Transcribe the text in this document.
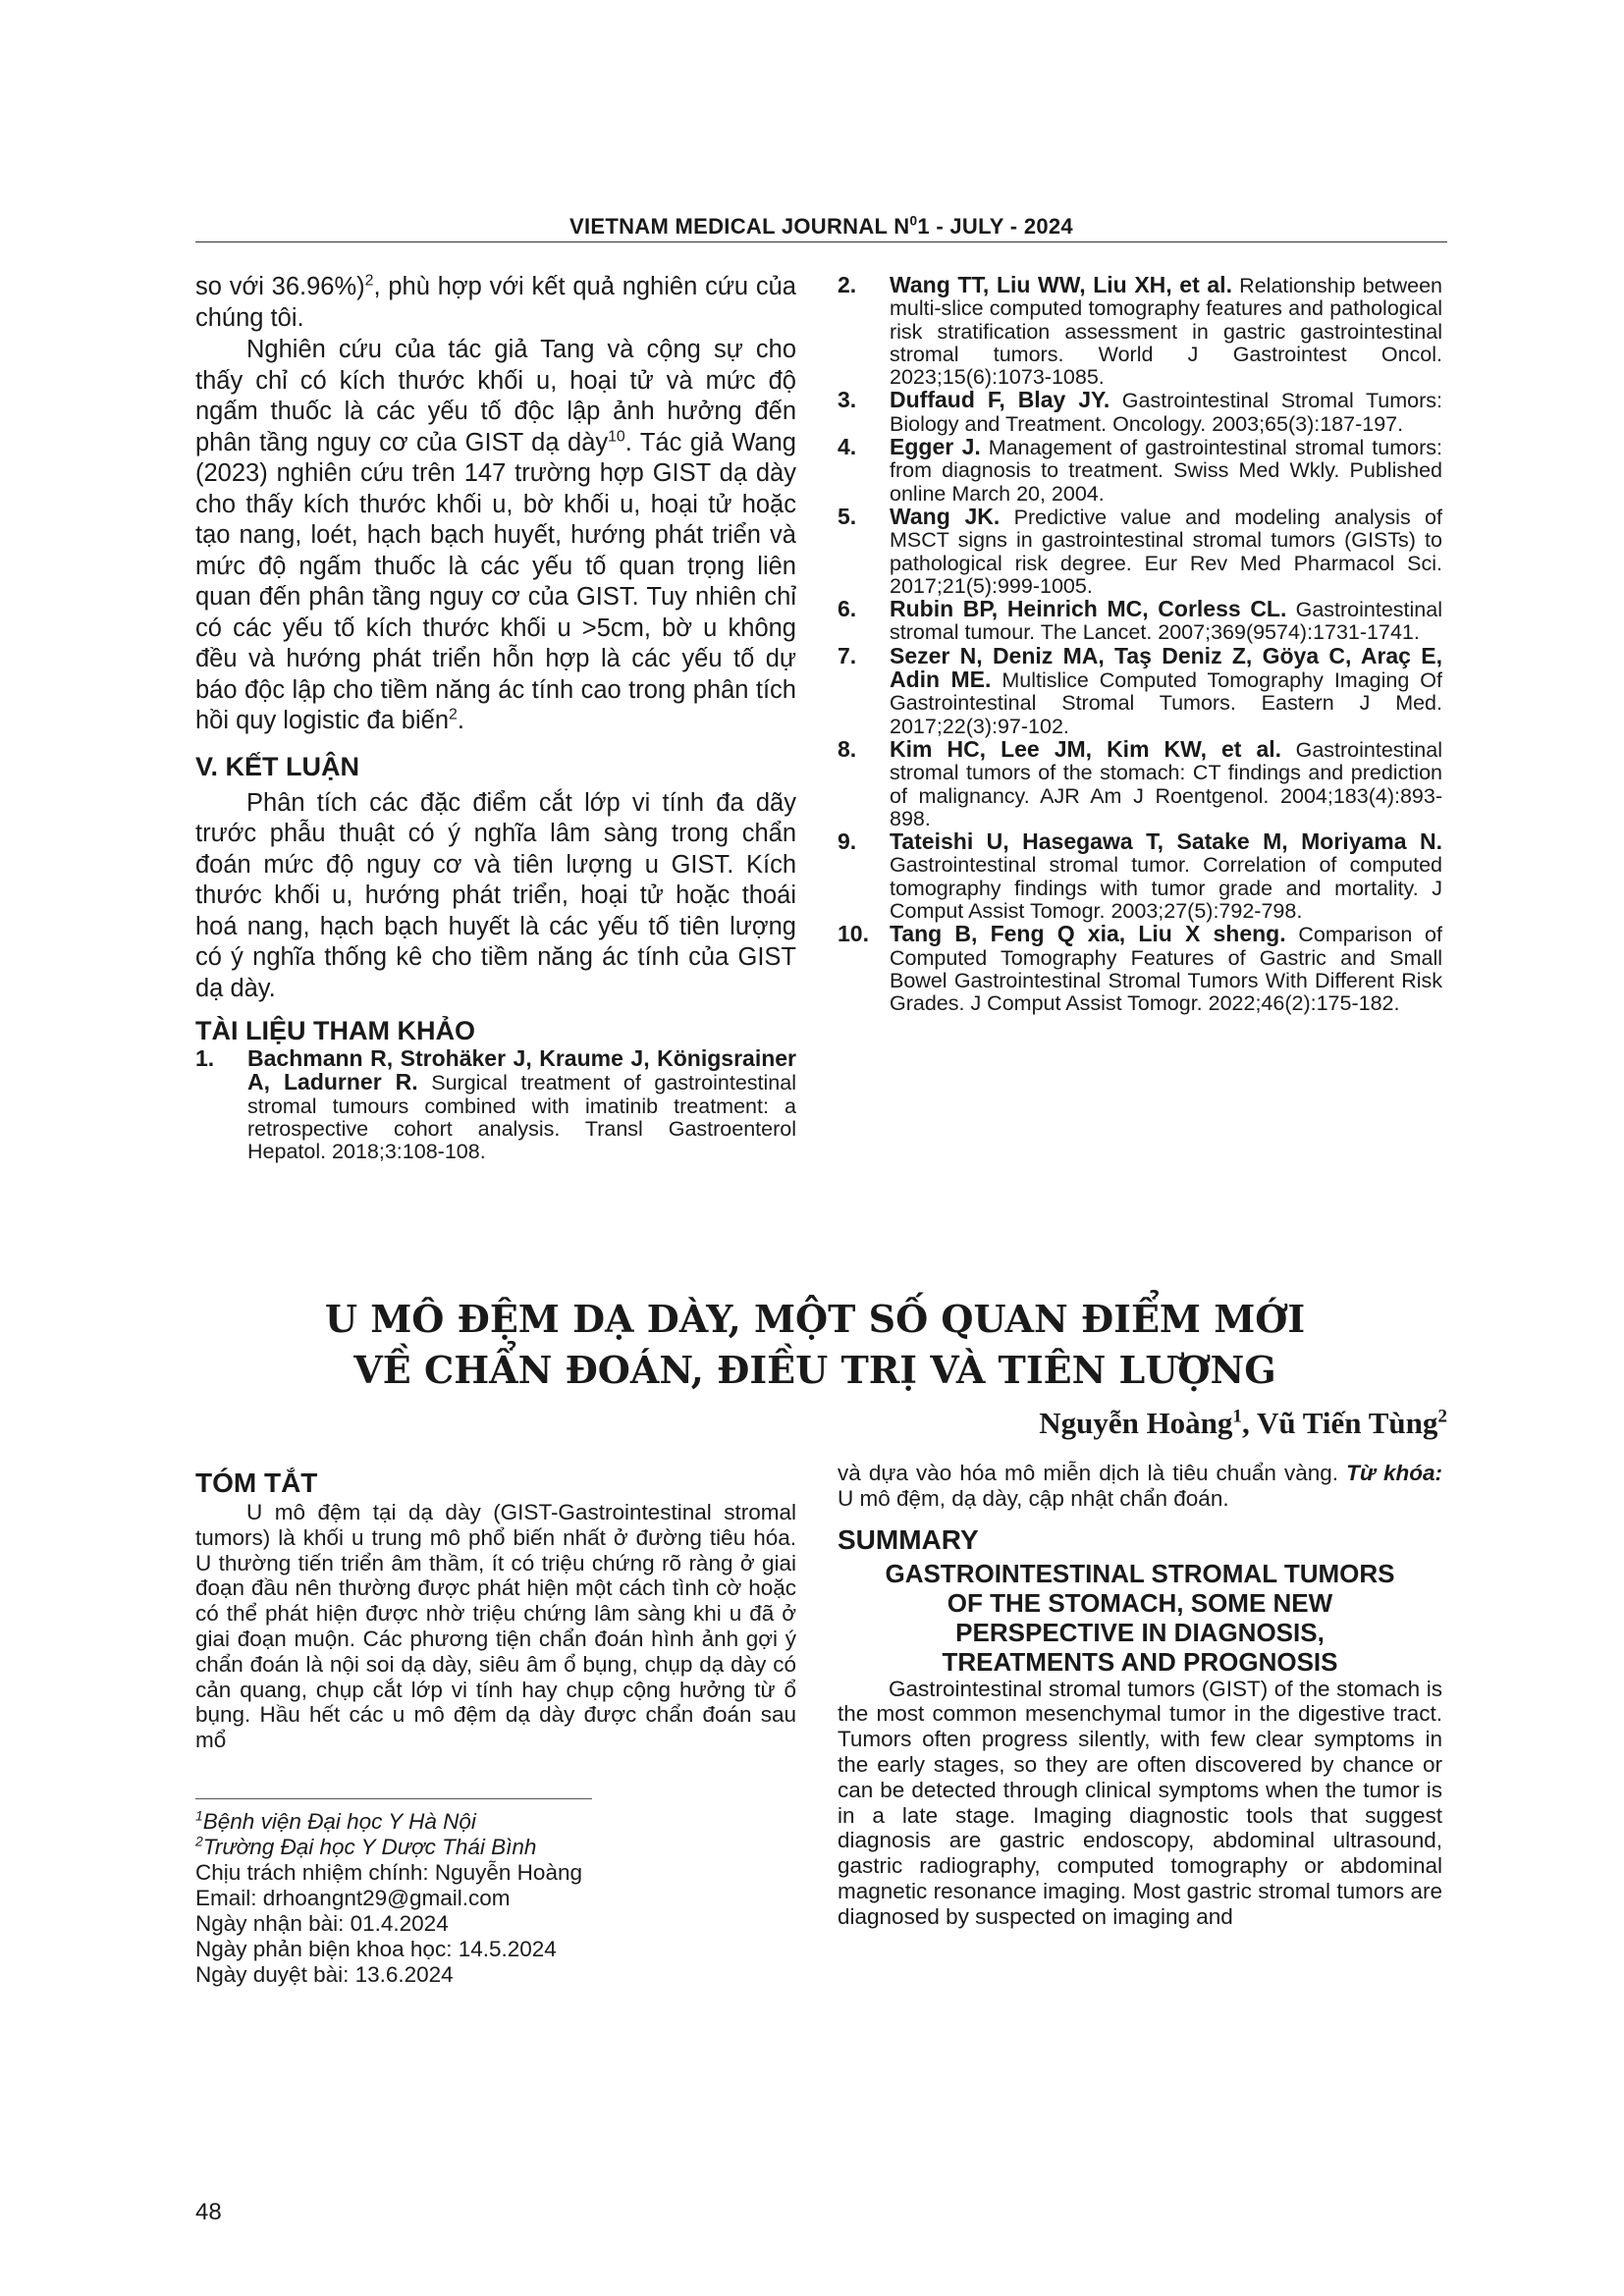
VIETNAM MEDICAL JOURNAL $N^01$ - JULY - 2024

so với 36.96%)$^2$, phù hợp với kết quả nghiên cứu của chúng tôi.

Nghiên cứu của tác giả Tang và cộng sự cho thấy chỉ có kích thước khối u, hoại tử và mức độ ngấm thuốc là các yếu tố độc lập ảnh hưởng đến phân tầng nguy cơ của GIST dạ dày$^{10}$. Tác giả Wang (2023) nghiên cứu trên 147 trường hợp GIST dạ dày cho thấy kích thước khối u, bờ khối u, hoại tử hoặc tạo nang, loét, hạch bạch huyết, hướng phát triển và mức độ ngấm thuốc là các yếu tố quan trọng liên quan đến phân tầng nguy cơ của GIST. Tuy nhiên chỉ có các yếu tố kích thước khối u >5cm, bờ u không đều và hướng phát triển hỗn hợp là các yếu tố dự báo độc lập cho tiềm năng ác tính cao trong phân tích hồi quy logistic đa biến$^2$.

V. KẾT LUẬN

Phân tích các đặc điểm cắt lớp vi tính đa dãy trước phẫu thuật có ý nghĩa lâm sàng trong chẩn đoán mức độ nguy cơ và tiên lượng u GIST. Kích thước khối u, hướng phát triển, hoại tử hoặc thoái hoá nang, hạch bạch huyết là các yếu tố tiên lượng có ý nghĩa thống kê cho tiềm năng ác tính của GIST dạ dày.

TÀI LIỆU THAM KHẢO
1. Bachmann R, Strohäker J, Kraume J, Königsrainer A, Ladurner R. Surgical treatment of gastrointestinal stromal tumours combined with imatinib treatment: a retrospective cohort analysis. Transl Gastroenterol Hepatol. 2018;3:108-108.
2. Wang TT, Liu WW, Liu XH, et al. Relationship between multi-slice computed tomography features and pathological risk stratification assessment in gastric gastrointestinal stromal tumors. World J Gastrointest Oncol. 2023;15(6):1073-1085.
3. Duffaud F, Blay JY. Gastrointestinal Stromal Tumors: Biology and Treatment. Oncology. 2003;65(3):187-197.
4. Egger J. Management of gastrointestinal stromal tumors: from diagnosis to treatment. Swiss Med Wkly. Published online March 20, 2004.
5. Wang JK. Predictive value and modeling analysis of MSCT signs in gastrointestinal stromal tumors (GISTs) to pathological risk degree. Eur Rev Med Pharmacol Sci. 2017;21(5):999-1005.
6. Rubin BP, Heinrich MC, Corless CL. Gastrointestinal stromal tumour. The Lancet. 2007;369(9574):1731-1741.
7. Sezer N, Deniz MA, Taş Deniz Z, Göya C, Araç E, Adin ME. Multislice Computed Tomography Imaging Of Gastrointestinal Stromal Tumors. Eastern J Med. 2017;22(3):97-102.
8. Kim HC, Lee JM, Kim KW, et al. Gastrointestinal stromal tumors of the stomach: CT findings and prediction of malignancy. AJR Am J Roentgenol. 2004;183(4):893-898.
9. Tateishi U, Hasegawa T, Satake M, Moriyama N. Gastrointestinal stromal tumor. Correlation of computed tomography findings with tumor grade and mortality. J Comput Assist Tomogr. 2003;27(5):792-798.
10. Tang B, Feng Q xia, Liu X sheng. Comparison of Computed Tomography Features of Gastric and Small Bowel Gastrointestinal Stromal Tumors With Different Risk Grades. J Comput Assist Tomogr. 2022;46(2):175-182.
U MÔ ĐỆM DẠ DÀY, MỘT SỐ QUAN ĐIỂM MỚI
VỀ CHẨN ĐOÁN, ĐIỀU TRỊ VÀ TIÊN LƯỢNG
Nguyễn Hoàng$^1$, Vũ Tiến Tùng$^2$
TÓM TẮT

U mô đệm tại dạ dày (GIST-Gastrointestinal stromal tumors) là khối u trung mô phổ biến nhất ở đường tiêu hóa. U thường tiến triển âm thầm, ít có triệu chứng rõ ràng ở giai đoạn đầu nên thường được phát hiện một cách tình cờ hoặc có thể phát hiện được nhờ triệu chứng lâm sàng khi u đã ở giai đoạn muộn. Các phương tiện chẩn đoán hình ảnh gợi ý chẩn đoán là nội soi dạ dày, siêu âm ổ bụng, chụp dạ dày có cản quang, chụp cắt lớp vi tính hay chụp cộng hưởng từ ổ bụng. Hầu hết các u mô đệm dạ dày được chẩn đoán sau mổ

và dựa vào hóa mô miễn dịch là tiêu chuẩn vàng. Từ khóa: U mô đệm, dạ dày, cập nhật chẩn đoán.

SUMMARY
GASTROINTESTINAL STROMAL TUMORS
OF THE STOMACH, SOME NEW
PERSPECTIVE IN DIAGNOSIS,
TREATMENTS AND PROGNOSIS

Gastrointestinal stromal tumors (GIST) of the stomach is the most common mesenchymal tumor in the digestive tract. Tumors often progress silently, with few clear symptoms in the early stages, so they are often discovered by chance or can be detected through clinical symptoms when the tumor is in a late stage. Imaging diagnostic tools that suggest diagnosis are gastric endoscopy, abdominal ultrasound, gastric radiography, computed tomography or abdominal magnetic resonance imaging. Most gastric stromal tumors are diagnosed by suspected on imaging and

$^1$Bệnh viện Đại học Y Hà Nội
$^2$Trường Đại học Y Dược Thái Bình
Chịu trách nhiệm chính: Nguyễn Hoàng
Email: drhoangnt29@gmail.com
Ngày nhận bài: 01.4.2024
Ngày phản biện khoa học: 14.5.2024
Ngày duyệt bài: 13.6.2024
48
